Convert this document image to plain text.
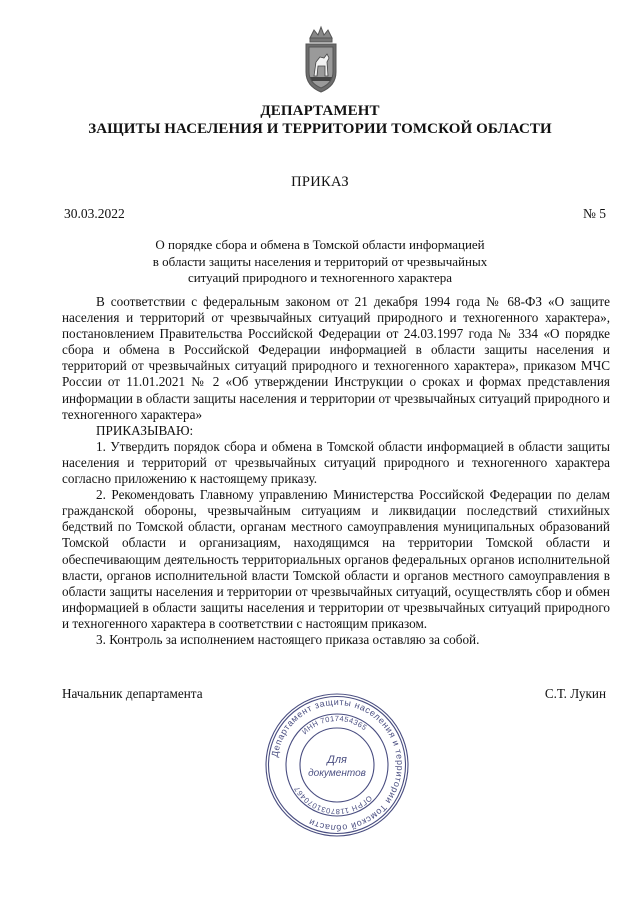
ДЕПАРТАМЕНТ
ЗАЩИТЫ НАСЕЛЕНИЯ И ТЕРРИТОРИИ ТОМСКОЙ ОБЛАСТИ
ПРИКАЗ
30.03.2022	№ 5
О порядке сбора и обмена в Томской области информацией
в области защиты населения и территорий от чрезвычайных
ситуаций природного и техногенного характера

В соответствии с федеральным законом от 21 декабря 1994 года № 68-ФЗ «О защите населения и территорий от чрезвычайных ситуаций природного и техногенного характера», постановлением Правительства Российской Федерации от 24.03.1997 года № 334 «О порядке сбора и обмена в Российской Федерации информацией в области защиты населения и территорий от чрезвычайных ситуаций природного и техногенного характера», приказом МЧС России от 11.01.2021 № 2 «Об утверждении Инструкции о сроках и формах представления информации в области защиты населения и территории от чрезвычайных ситуаций природного и техногенного характера»

ПРИКАЗЫВАЮ:

1. Утвердить порядок сбора и обмена в Томской области информацией в области защиты населения и территорий от чрезвычайных ситуаций природного и техногенного характера согласно приложению к настоящему приказу.

2. Рекомендовать Главному управлению Министерства Российской Федерации по делам гражданской обороны, чрезвычайным ситуациям и ликвидации последствий стихийных бедствий по Томской области, органам местного самоуправления муниципальных образований Томской области и организациям, находящимся на территории Томской области и обеспечивающим деятельность территориальных органов федеральных органов исполнительной власти, органов исполнительной власти Томской области и органов местного самоуправления в области защиты населения и территории от чрезвычайных ситуаций, осуществлять сбор и обмен информацией в области защиты населения и территории от чрезвычайных ситуаций природного и техногенного характера в соответствии с настоящим приказом.

3. Контроль за исполнением настоящего приказа оставляю за собой.

Начальник департамента	С.Т. Лукин
Департамент защиты населения и территории Томской области
ОГРН 1187031070467
ИНН 7017454365
Для
документов
